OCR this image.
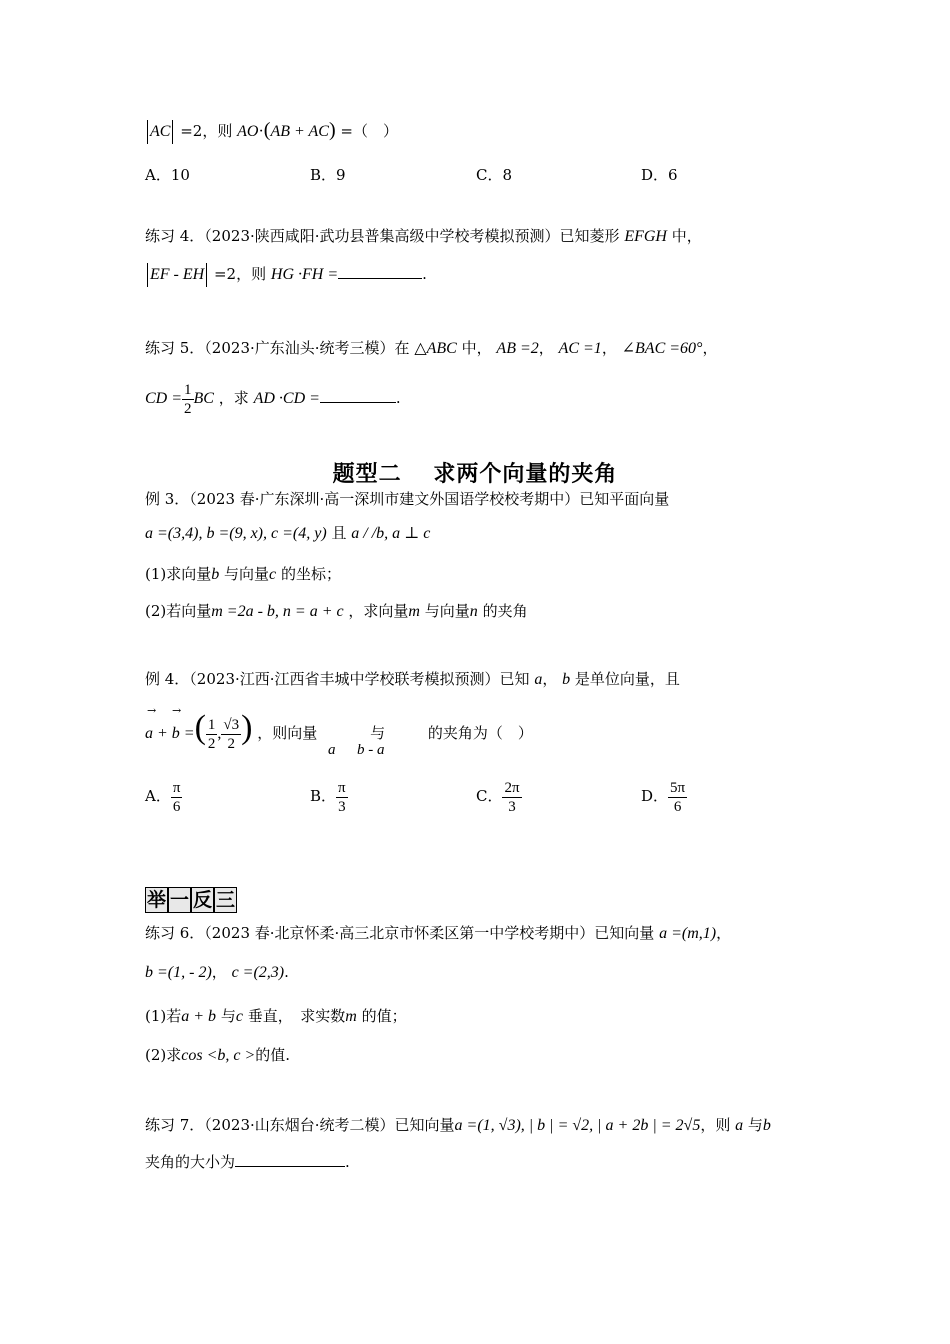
AC =2，则 AO·(AB + AC) =（　）
A．10	B．9	C．8	D．6
练习 4．（2023·陕西咸阳·武功县普集高级中学校考模拟预测）已知菱形 EFGH 中，
EF - EH =2，则 HG ·FH =	.
练习 5．（2023·广东汕头·统考三模）在 △ABC 中， AB =2， AC =1， ∠BAC =60°，
CD = $\frac{1}{2}$ BC ，求 AD ·CD =	.
题型二　 求两个向量的夹角
例 3．（2023 春·广东深圳·高一深圳市建文外国语学校校考期中）已知平面向量
a =(3,4), b =(9, x), c =(4, y) 且 a / /b, a ⊥ c
(1)求向量b 与向量c 的坐标；
(2)若向量m =2a - b, n = a + c ，求向量m 与向量n 的夹角
例 4．（2023·江西·江西省丰城中学校联考模拟预测）已知 a， b 是单位向量，且
→ →
a + b =( $\frac{1}{2}$ , $\frac{√3}{2}$ ) ，则向量	与	的夹角为（　）
a b - a
A． $\frac{\pi}{6}$	B． $\frac{\pi}{3}$	C． $\frac{2\pi}{3}$	D． $\frac{5\pi}{6}$
举 一 反 三
练习 6．（2023 春·北京怀柔·高三北京市怀柔区第一中学校考期中）已知向量 a =(m,1)，
b =(1, - 2)， c =(2,3).
(1)若a + b 与c 垂直，　求实数m 的值；
(2)求cos <b, c >的值.
练习 7．（2023·山东烟台·统考二模）已知向量a =(1, √3), | b | = √2, | a + 2b | = 2√5，则 a 与b
夹角的大小为	.
